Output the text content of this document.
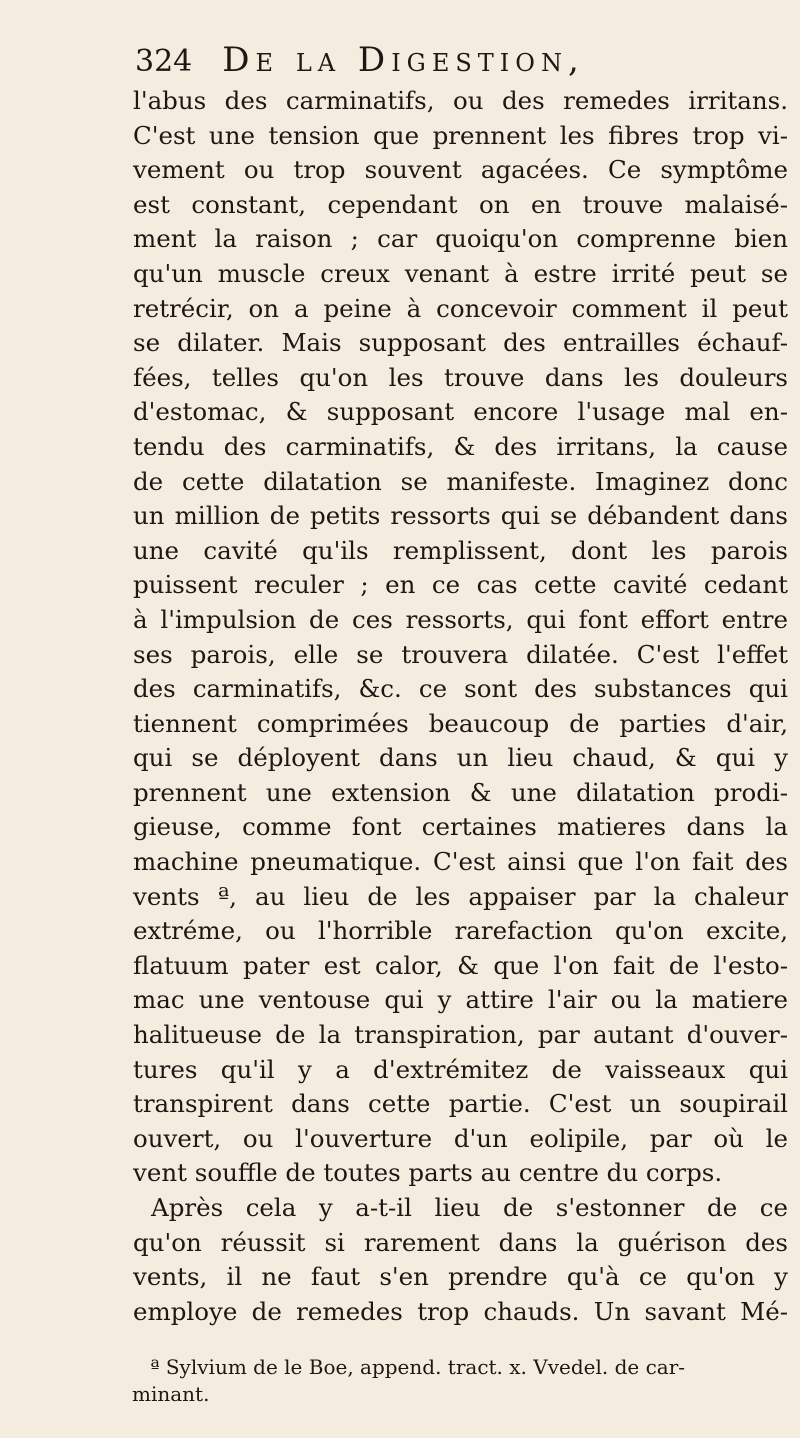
324 De la Digestion,
l'abus des carminatifs, ou des remedes irritans.
C'est une tension que prennent les fibres trop vi-
vement ou trop souvent agacées. Ce symptôme
est constant, cependant on en trouve malaisé-
ment la raison ; car quoiqu'on comprenne bien
qu'un muscle creux venant à estre irrité peut se
retrécir, on a peine à concevoir comment il peut
se dilater. Mais supposant des entrailles échauf-
fées, telles qu'on les trouve dans les douleurs
d'estomac, & supposant encore l'usage mal en-
tendu des carminatifs, & des irritans, la cause
de cette dilatation se manifeste. Imaginez donc
un million de petits ressorts qui se débandent dans
une cavité qu'ils remplissent, dont les parois
puissent reculer ; en ce cas cette cavité cedant
à l'impulsion de ces ressorts, qui font effort entre
ses parois, elle se trouvera dilatée. C'est l'effet
des carminatifs, &c. ce sont des substances qui
tiennent comprimées beaucoup de parties d'air,
qui se déployent dans un lieu chaud, & qui y
prennent une extension & une dilatation prodi-
gieuse, comme font certaines matieres dans la
machine pneumatique. C'est ainsi que l'on fait des
vents ª, au lieu de les appaiser par la chaleur
extréme, ou l'horrible rarefaction qu'on excite,
flatuum pater est calor, & que l'on fait de l'esto-
mac une ventouse qui y attire l'air ou la matiere
halitueuse de la transpiration, par autant d'ouver-
tures qu'il y a d'extrémitez de vaisseaux qui
transpirent dans cette partie. C'est un soupirail
ouvert, ou l'ouverture d'un eolipile, par où le
vent souffle de toutes parts au centre du corps.
Après cela y a-t-il lieu de s'estonner de ce
qu'on réussit si rarement dans la guérison des
vents, il ne faut s'en prendre qu'à ce qu'on y
employe de remedes trop chauds. Un savant Mé-
ª Sylvium de le Boe, append. tract. x. Vvedel. de car-
minant.
